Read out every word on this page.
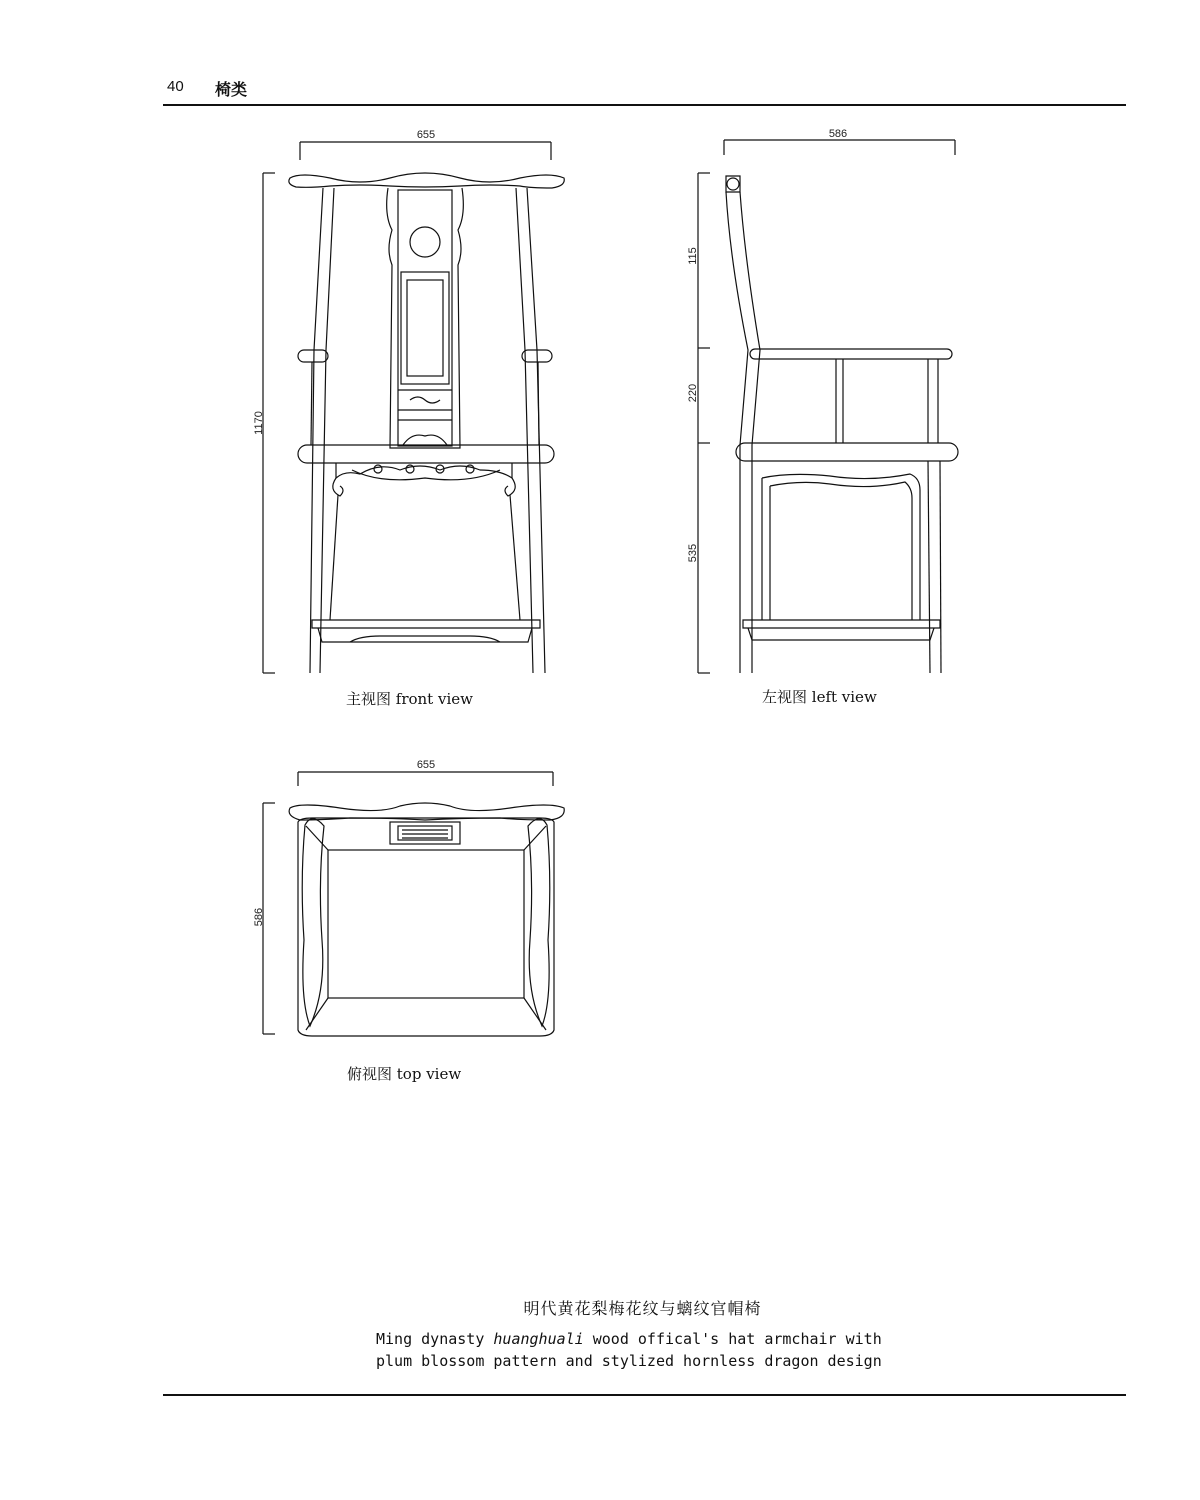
40 椅类
655
1170
586
115
220
535
655
586
主视图 front view	左视图 left view
俯视图 top view
明代黄花梨梅花纹与螭纹官帽椅
Ming dynasty huanghuali wood offical's hat armchair with
plum blossom pattern and stylized hornless dragon design
